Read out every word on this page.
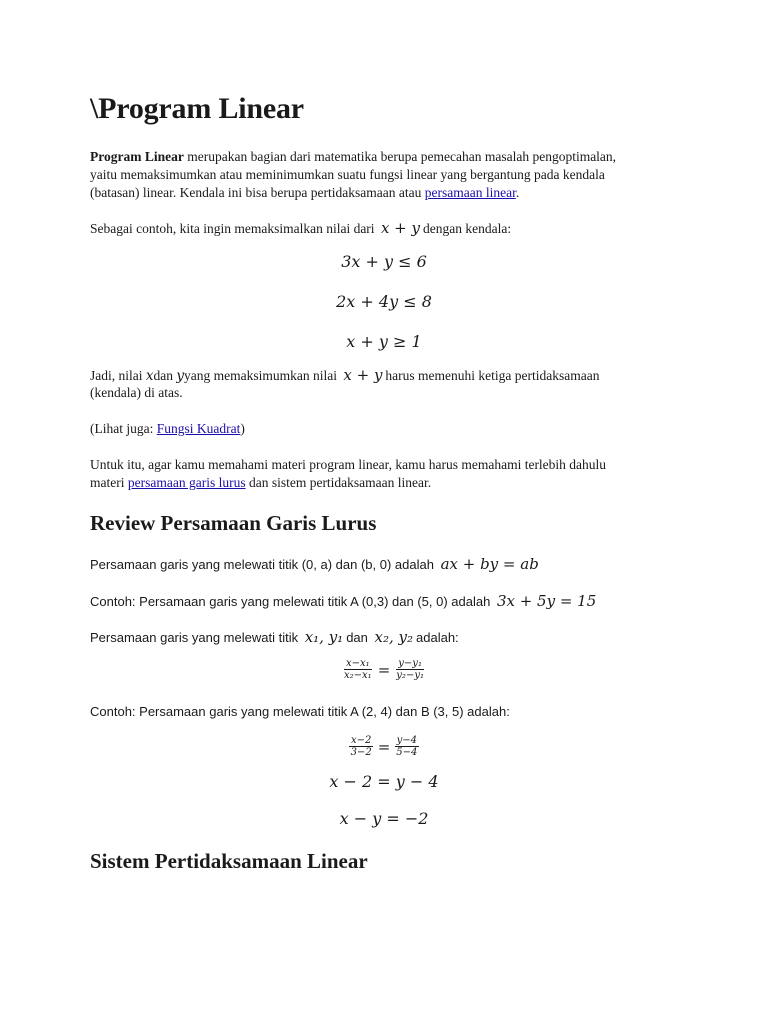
\Program Linear

Program Linear merupakan bagian dari matematika berupa pemecahan masalah pengoptimalan,

yaitu memaksimumkan atau meminimumkan suatu fungsi linear yang bergantung pada kendala

(batasan) linear. Kendala ini bisa berupa pertidaksamaan atau persamaan linear.

Sebagai contoh, kita ingin memaksimalkan nilai dari x + y dengan kendala:

3x + y ≤ 6

2x + 4y ≤ 8

x + y ≥ 1

Jadi, nilai xdan yyang memaksimumkan nilai x + y harus memenuhi ketiga pertidaksamaan

(kendala) di atas.

(Lihat juga: Fungsi Kuadrat)

Untuk itu, agar kamu memahami materi program linear, kamu harus memahami terlebih dahulu

materi persamaan garis lurus dan sistem pertidaksamaan linear.

Review Persamaan Garis Lurus

Persamaan garis yang melewati titik (0, a) dan (b, 0) adalah ax + by = ab

Contoh: Persamaan garis yang melewati titik A (0,3) dan (5, 0) adalah 3x + 5y = 15

Persamaan garis yang melewati titik x₁, y₁ dan x₂, y₂ adalah:

$\frac{\text{x−x₁}}{\text{x₂−x₁}} = \frac{\text{y−y₁}}{\text{y₂−y₁}}$

Contoh: Persamaan garis yang melewati titik A (2, 4) dan B (3, 5) adalah:

$\frac{x-2}{3-2} = \frac{y-4}{5-4}$

x − 2 = y − 4

x − y = −2

Sistem Pertidaksamaan Linear
